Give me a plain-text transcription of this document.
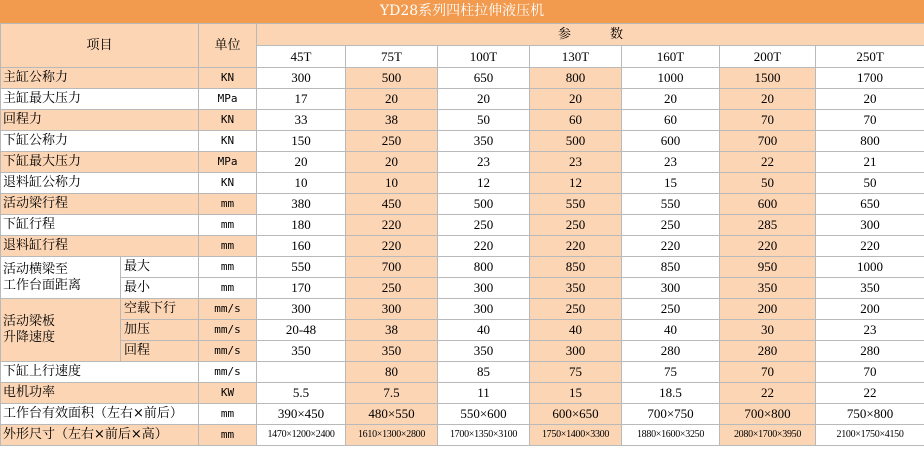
YD28系列四柱拉伸液压机
项目		单位	参　　　数						
			45T	75T	100T	130T	160T	200T	250T
主缸公称力		KN	300	500	650	800	1000	1500	1700
主缸最大压力		MPa	17	20	20	20	20	20	20
回程力		KN	33	38	50	60	60	70	70
下缸公称力		KN	150	250	350	500	600	700	800
下缸最大压力		MPa	20	20	23	23	23	22	21
退料缸公称力		KN	10	10	12	12	15	50	50
活动梁行程		mm	380	450	500	550	550	600	650
下缸行程		mm	180	220	250	250	250	285	300
退料缸行程		mm	160	220	220	220	220	220	220

活动横梁至
工作台面距离	最大	mm	550	700	800	850	850	950	1000
	最小	mm	170	250	300	350	300	350	350

活动梁板
升降速度	空载下行	mm/s	300	300	300	250	250	200	200
	加压	mm/s	20-48	38	40	40	40	30	23
	回程	mm/s	350	350	350	300	280	280	280
下缸上行速度		mm/s		80	85	75	75	70	70
电机功率		KW	5.5	7.5	11	15	18.5	22	22
工作台有效面积（左右×前后）		mm	390×450	480×550	550×600	600×650	700×750	700×800	750×800
外形尺寸（左右×前后×高）		mm	1470×1200×2400	1610×1300×2800	1700×1350×3100	1750×1400×3300	1880×1600×3250	2080×1700×3950	2100×1750×4150
